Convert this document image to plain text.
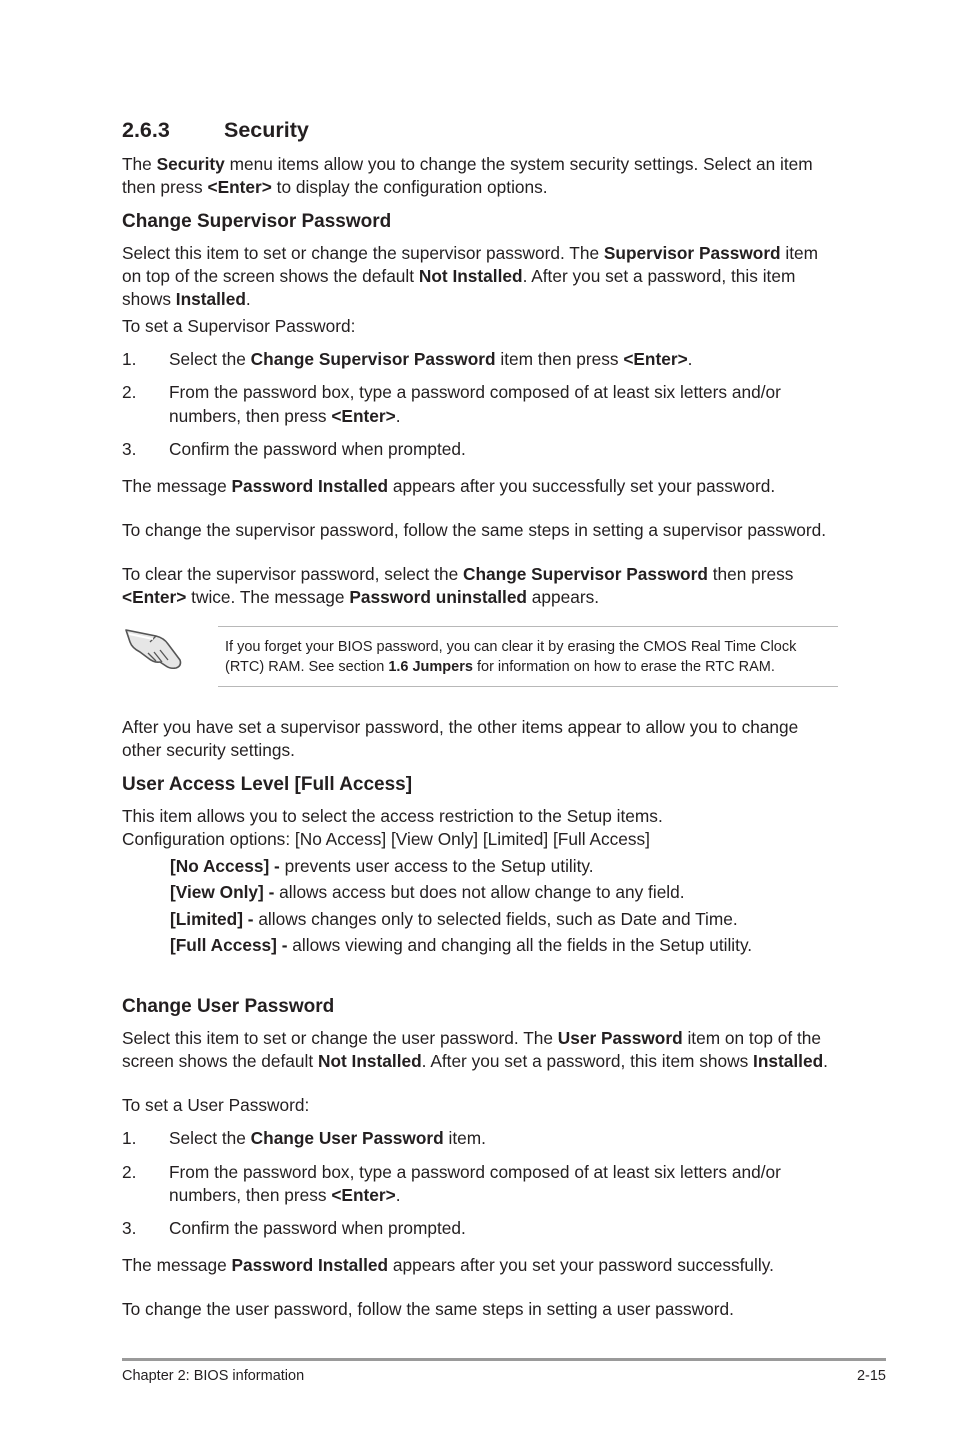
2.6.3	Security
The Security menu items allow you to change the system security settings. Select an item
then press <Enter> to display the configuration options.
Change Supervisor Password
Select this item to set or change the supervisor password. The Supervisor Password item
on top of the screen shows the default Not Installed. After you set a password, this item
shows Installed.
To set a Supervisor Password:
1. Select the Change Supervisor Password item then press <Enter>.
2. From the password box, type a password composed of at least six letters and/or
numbers, then press <Enter>.
3. Confirm the password when prompted.
The message Password Installed appears after you successfully set your password.
To change the supervisor password, follow the same steps in setting a supervisor password.
To clear the supervisor password, select the Change Supervisor Password then press
<Enter> twice. The message Password uninstalled appears.
If you forget your BIOS password, you can clear it by erasing the CMOS Real Time Clock
(RTC) RAM. See section 1.6 Jumpers for information on how to erase the RTC RAM.
After you have set a supervisor password, the other items appear to allow you to change
other security settings.
User Access Level [Full Access]
This item allows you to select the access restriction to the Setup items.
Configuration options: [No Access] [View Only] [Limited] [Full Access]
[No Access] - prevents user access to the Setup utility.
[View Only] - allows access but does not allow change to any field.
[Limited] - allows changes only to selected fields, such as Date and Time.
[Full Access] - allows viewing and changing all the fields in the Setup utility.
Change User Password
Select this item to set or change the user password. The User Password item on top of the
screen shows the default Not Installed. After you set a password, this item shows Installed.
To set a User Password:
1. Select the Change User Password item.
2. From the password box, type a password composed of at least six letters and/or
numbers, then press <Enter>.
3. Confirm the password when prompted.
The message Password Installed appears after you set your password successfully.
To change the user password, follow the same steps in setting a user password.
Chapter 2: BIOS information	2-15
